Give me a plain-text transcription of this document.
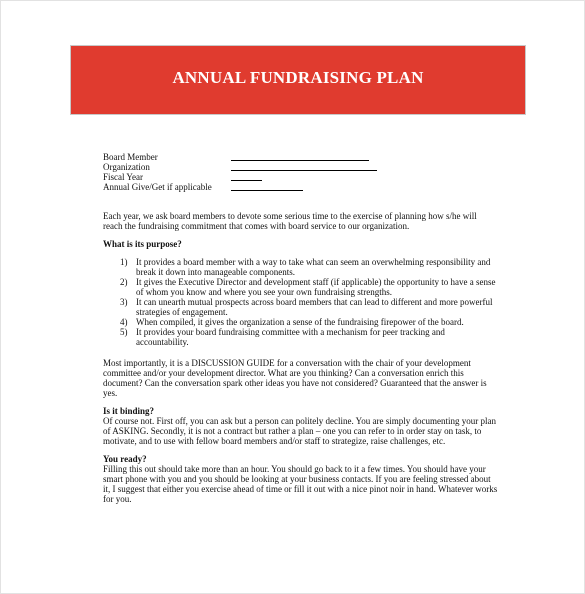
ANNUAL FUNDRAISING PLAN
Board Member
Organization
Fiscal Year
Annual Give/Get if applicable

Each year, we ask board members to devote some serious time to the exercise of planning how s/he will reach the fundraising commitment that comes with board service to our organization.

What is its purpose?

1) It provides a board member with a way to take what can seem an overwhelming responsibility and break it down into manageable components.
2) It gives the Executive Director and development staff (if applicable) the opportunity to have a sense of whom you know and where you see your own fundraising strengths.
3) It can unearth mutual prospects across board members that can lead to different and more powerful strategies of engagement.
4) When compiled, it gives the organization a sense of the fundraising firepower of the board.
5) It provides your board fundraising committee with a mechanism for peer tracking and accountability.

Most importantly, it is a DISCUSSION GUIDE for a conversation with the chair of your development committee and/or your development director. What are you thinking? Can a conversation enrich this document? Can the conversation spark other ideas you have not considered? Guaranteed that the answer is yes.

Is it binding?

Of course not. First off, you can ask but a person can politely decline. You are simply documenting your plan of ASKING. Secondly, it is not a contract but rather a plan – one you can refer to in order stay on task, to motivate, and to use with fellow board members and/or staff to strategize, raise challenges, etc.

You ready?

Filling this out should take more than an hour. You should go back to it a few times. You should have your smart phone with you and you should be looking at your business contacts. If you are feeling stressed about it, I suggest that either you exercise ahead of time or fill it out with a nice pinot noir in hand. Whatever works for you.
